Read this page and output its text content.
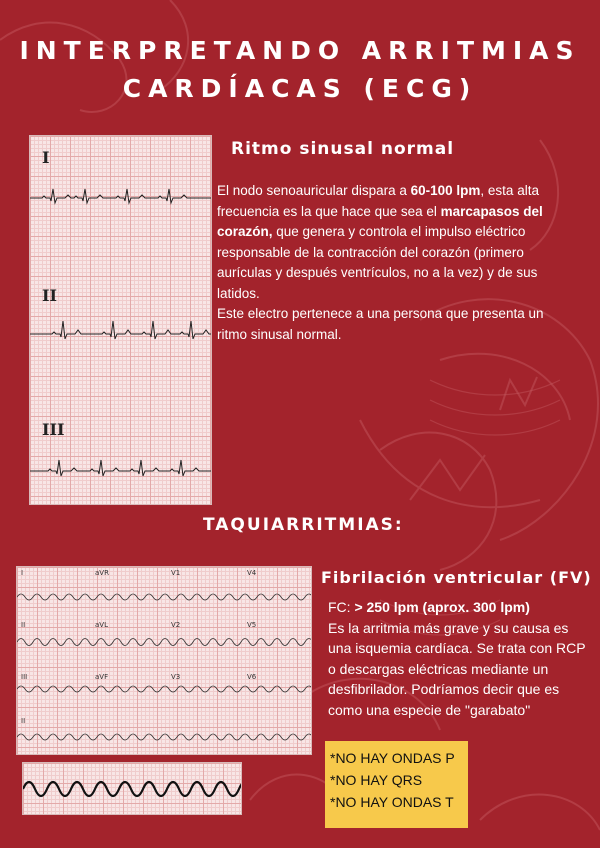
INTERPRETANDO ARRITMIAS
CARDÍACAS (ECG)
I
II
III
Ritmo sinusal normal
El nodo senoauricular dispara a 60-100 lpm, esta alta frecuencia es la que hace que sea el marcapasos del corazón, que genera y controla el impulso eléctrico responsable de la contracción del corazón (primero aurículas y después ventrículos, no a la vez) y de sus latidos.
Este electro pertenece a una persona que presenta un ritmo sinusal normal.
TAQUIARRITMIAS:
I	aVR	V1	V4
II	aVL	V2	V5
III	aVF	V3	V6
II
Fibrilación ventricular (FV)
FC: > 250 lpm (aprox. 300 lpm)
Es la arritmia más grave y su causa es una isquemia cardíaca. Se trata con RCP o descargas eléctricas mediante un desfibrilador. Podríamos decir que es como una especie de "garabato"
*NO HAY ONDAS P
*NO HAY QRS
*NO HAY ONDAS T
